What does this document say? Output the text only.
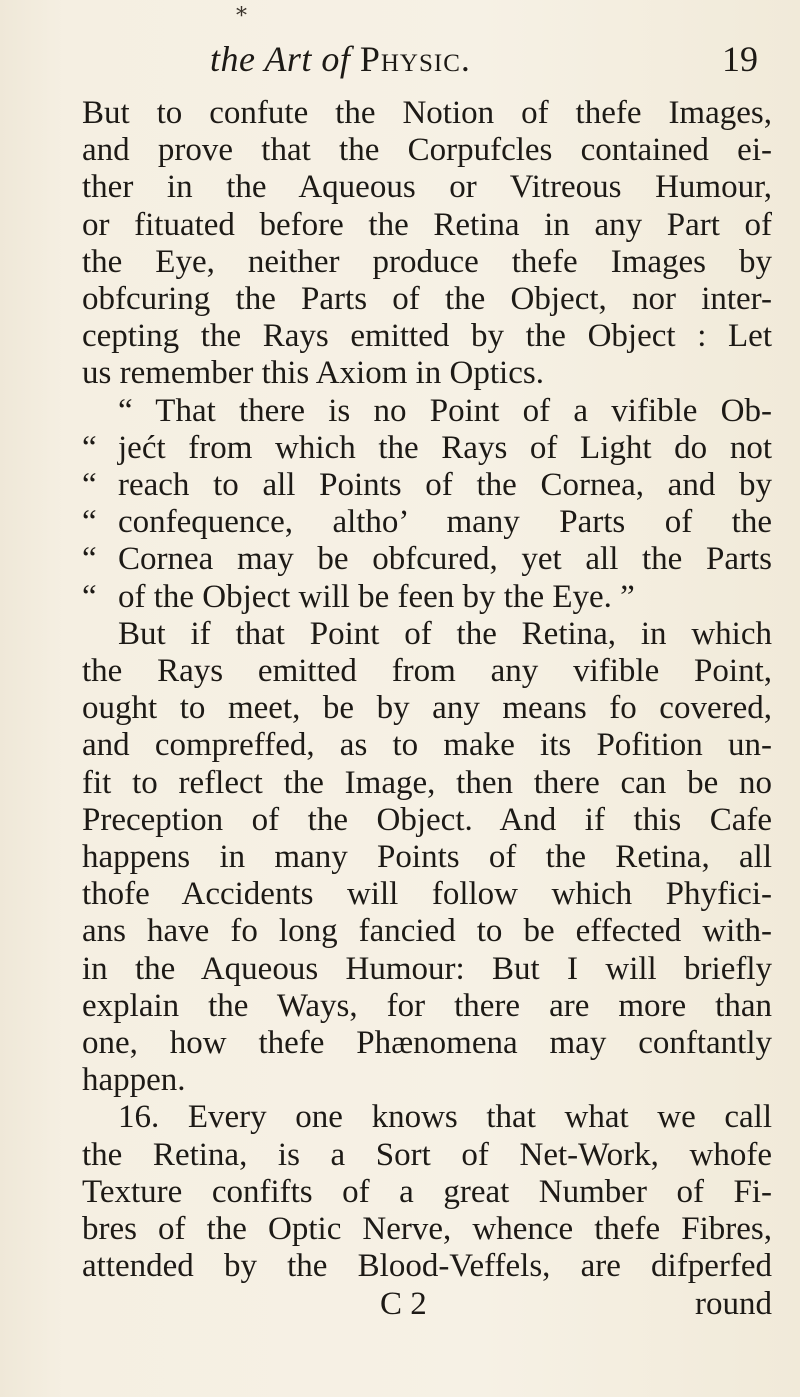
*
the Art of Physic.	19
But to confute the Notion of thefe Images,
and prove that the Corpufcles contained ei-
ther in the Aqueous or Vitreous Humour,
or fituated before the Retina in any Part of
the Eye, neither produce thefe Images by
obfcuring the Parts of the Object, nor inter-
cepting the Rays emitted by the Object : Let
us remember this Axiom in Optics.
“ That there is no Point of a vifible Ob-
“ jećt from which the Rays of Light do not
“ reach to all Points of the Cornea, and by
“ confequence, altho’ many Parts of the
“ Cornea may be obfcured, yet all the Parts
“ of the Object will be feen by the Eye. ”
But if that Point of the Retina, in which
the Rays emitted from any vifible Point,
ought to meet, be by any means fo covered,
and compreffed, as to make its Pofition un-
fit to reflect the Image, then there can be no
Preception of the Object. And if this Cafe
happens in many Points of the Retina, all
thofe Accidents will follow which Phyfici-
ans have fo long fancied to be effected with-
in the Aqueous Humour: But I will briefly
explain the Ways, for there are more than
one, how thefe Phænomena may conftantly
happen.
16. Every one knows that what we call
the Retina, is a Sort of Net-Work, whofe
Texture confifts of a great Number of Fi-
bres of the Optic Nerve, whence thefe Fibres,
attended by the Blood-Veffels, are difperfed
C 2	round
